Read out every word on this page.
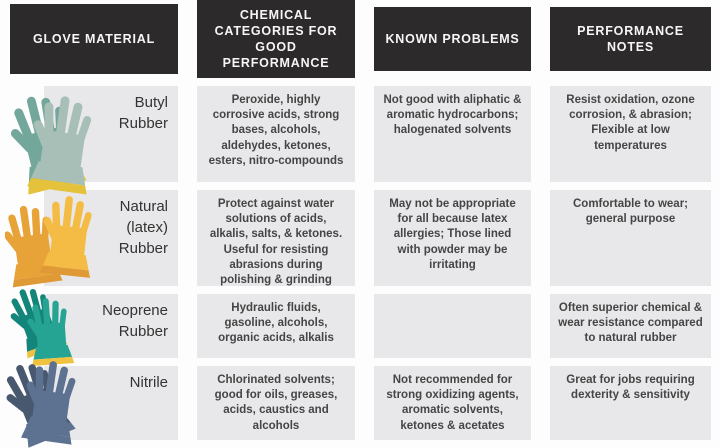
GLOVE MATERIAL
CHEMICAL CATEGORIES FOR GOOD PERFORMANCE
KNOWN PROBLEMS
PERFORMANCE NOTES
Butyl Rubber
Peroxide, highly corrosive acids, strong bases, alcohols, aldehydes, ketones, esters, nitro-compounds
Not good with aliphatic & aromatic hydrocarbons; halogenated solvents
Resist oxidation, ozone corrosion, & abrasion; Flexible at low temperatures
Natural (latex) Rubber
Protect against water solutions of acids, alkalis, salts, & ketones. Useful for resisting abrasions during polishing & grinding
May not be appropriate for all because latex allergies; Those lined with powder may be irritating
Comfortable to wear; general purpose
Neoprene Rubber
Hydraulic fluids, gasoline, alcohols, organic acids, alkalis
Often superior chemical & wear resistance compared to natural rubber
Nitrile	Chlorinated solvents; good for oils, greases, acids, caustics and alcohols
Not recommended for strong oxidizing agents, aromatic solvents, ketones & acetates
Great for jobs requiring dexterity & sensitivity
